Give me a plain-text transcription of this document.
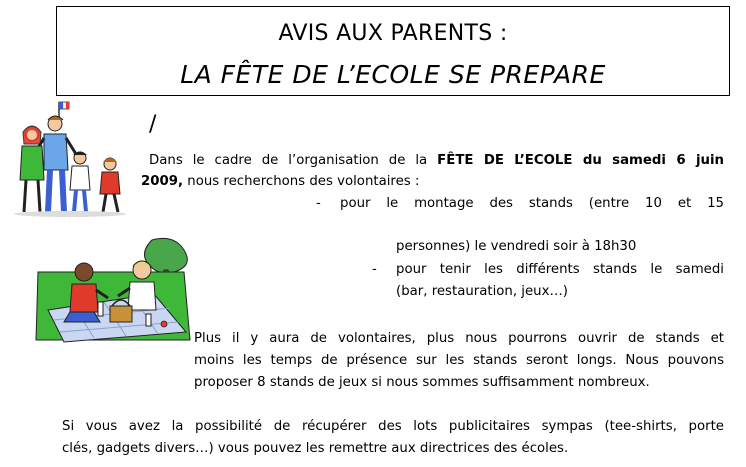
AVIS AUX PARENTS :
LA FÊTE DE L’ECOLE SE PREPARE
/
Dans le cadre de l’organisation de la FÊTE DE L’ECOLE du samedi 6 juin
2009, nous recherchons des volontaires :
- pour le montage des stands (entre 10 et 15
personnes) le vendredi soir à 18h30
- pour tenir les différents stands le samedi
(bar, restauration, jeux…)
Plus il y aura de volontaires, plus nous pourrons ouvrir de stands et
moins les temps de présence sur les stands seront longs. Nous pouvons
proposer 8 stands de jeux si nous sommes suffisamment nombreux.
Si vous avez la possibilité de récupérer des lots publicitaires sympas (tee-shirts, porte
clés, gadgets divers…) vous pouvez les remettre aux directrices des écoles.
